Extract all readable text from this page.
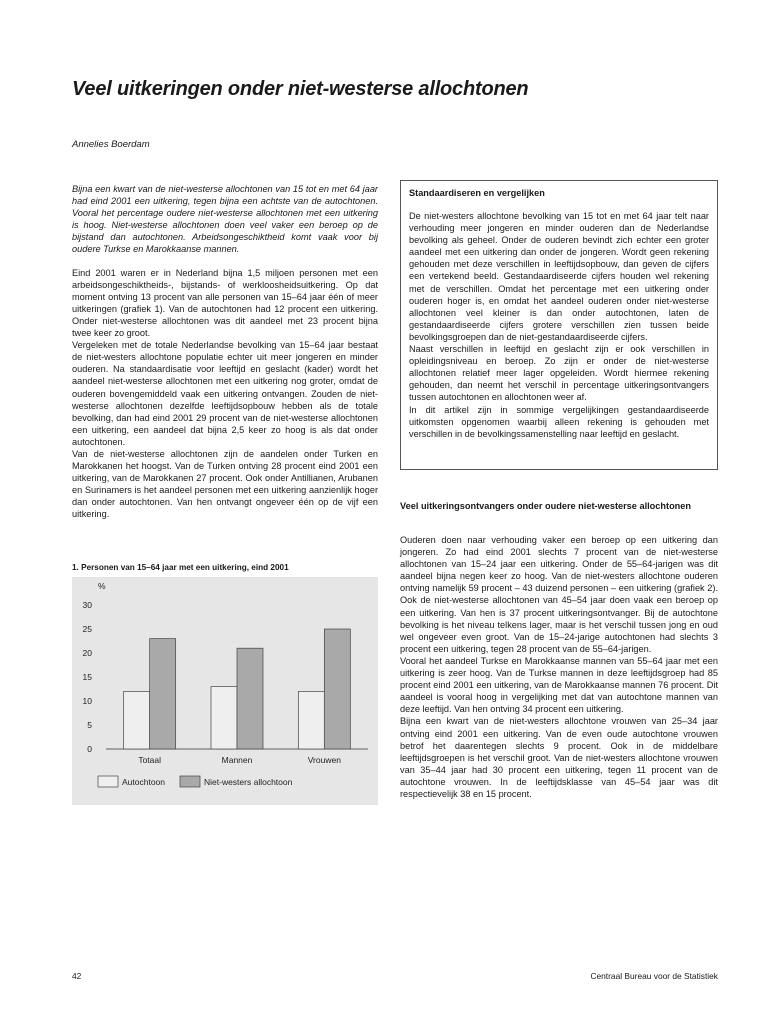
Veel uitkeringen onder niet-westerse allochtonen
Annelies Boerdam

Bijna een kwart van de niet-westerse allochtonen van 15 tot en met 64 jaar had eind 2001 een uitkering, tegen bijna een achtste van de autochtonen. Vooral het percentage oudere niet-westerse allochtonen met een uitkering is hoog. Niet-westerse allochtonen doen veel vaker een beroep op de bijstand dan autochtonen. Arbeidsongeschiktheid komt vaak voor bij oudere Turkse en Marokkaanse mannen.

Eind 2001 waren er in Nederland bijna 1,5 miljoen personen met een arbeidsongeschiktheids-, bijstands- of werkloosheidsuitkering. Op dat moment ontving 13 procent van alle personen van 15–64 jaar één of meer uitkeringen (grafiek 1). Van de autochtonen had 12 procent een uitkering. Onder niet-westerse allochtonen was dit aandeel met 23 procent bijna twee keer zo groot.

Vergeleken met de totale Nederlandse bevolking van 15–64 jaar bestaat de niet-westers allochtone populatie echter uit meer jongeren en minder ouderen. Na standaardisatie voor leeftijd en geslacht (kader) wordt het aandeel niet-westerse allochtonen met een uitkering nog groter, omdat de ouderen bovengemiddeld vaak een uitkering ontvangen. Zouden de niet-westerse allochtonen dezelfde leeftijdsopbouw hebben als de totale bevolking, dan had eind 2001 29 procent van de niet-westerse allochtonen een uitkering, een aandeel dat bijna 2,5 keer zo hoog is als dat onder autochtonen.

Van de niet-westerse allochtonen zijn de aandelen onder Turken en Marokkanen het hoogst. Van de Turken ontving 28 procent eind 2001 een uitkering, van de Marokkanen 27 procent. Ook onder Antillianen, Arubanen en Surinamers is het aandeel personen met een uitkering aanzienlijk hoger dan onder autochtonen. Van hen ontvangt ongeveer één op de vijf een uitkering.

1. Personen van 15–64 jaar met een uitkering, eind 2001

0
5
10
15
20
25
30
%
Totaal	Mannen	Vrouwen
Autochtoon	Niet-westers allochtoon
Standaardiseren en vergelijken

De niet-westers allochtone bevolking van 15 tot en met 64 jaar telt naar verhouding meer jongeren en minder ouderen dan de Nederlandse bevolking als geheel. Onder de ouderen bevindt zich echter een groter aandeel met een uitkering dan onder de jongeren. Wordt geen rekening gehouden met deze verschillen in leeftijdsopbouw, dan geven de cijfers een vertekend beeld. Gestandaardiseerde cijfers houden wel rekening met de verschillen. Omdat het percentage met een uitkering onder ouderen hoger is, en omdat het aandeel ouderen onder niet-westerse allochtonen veel kleiner is dan onder autochtonen, laten de gestandaardiseerde cijfers grotere verschillen zien tussen beide bevolkingsgroepen dan de niet-gestandaardiseerde cijfers.

Naast verschillen in leeftijd en geslacht zijn er ook verschillen in opleidingsniveau en beroep. Zo zijn er onder de niet-westerse allochtonen relatief meer lager opgeleiden. Wordt hiermee rekening gehouden, dan neemt het verschil in percentage uitkeringsontvangers tussen autochtonen en allochtonen weer af.

In dit artikel zijn in sommige vergelijkingen gestandaardiseerde uitkomsten opgenomen waarbij alleen rekening is gehouden met verschillen in de bevolkingssamenstelling naar leeftijd en geslacht.

Veel uitkeringsontvangers onder oudere niet-westerse allochtonen

Ouderen doen naar verhouding vaker een beroep op een uitkering dan jongeren. Zo had eind 2001 slechts 7 procent van de niet-westerse allochtonen van 15–24 jaar een uitkering. Onder de 55–64-jarigen was dit aandeel bijna negen keer zo hoog. Van de niet-westers allochtone ouderen ontving namelijk 59 procent – 43 duizend personen – een uitkering (grafiek 2). Ook de niet-westerse allochtonen van 45–54 jaar doen vaak een beroep op een uitkering. Van hen is 37 procent uitkeringsontvanger. Bij de autochtone bevolking is het niveau telkens lager, maar is het verschil tussen jong en oud wel ongeveer even groot. Van de 15–24-jarige autochtonen had slechts 3 procent een uitkering, tegen 28 procent van de 55–64-jarigen.

Vooral het aandeel Turkse en Marokkaanse mannen van 55–64 jaar met een uitkering is zeer hoog. Van de Turkse mannen in deze leeftijdsgroep had 85 procent eind 2001 een uitkering, van de Marokkaanse mannen 76 procent. Dit aandeel is vooral hoog in vergelijking met dat van autochtone mannen van deze leeftijd. Van hen ontving 34 procent een uitkering.

Bijna een kwart van de niet-westers allochtone vrouwen van 25–34 jaar ontving eind 2001 een uitkering. Van de even oude autochtone vrouwen betrof het daarentegen slechts 9 procent. Ook in de middelbare leeftijdsgroepen is het verschil groot. Van de niet-westers allochtone vrouwen van 35–44 jaar had 30 procent een uitkering, tegen 11 procent van de autochtone vrouwen. In de leeftijdsklasse van 45–54 jaar was dit respectievelijk 38 en 15 procent.

42	Centraal Bureau voor de Statistiek
